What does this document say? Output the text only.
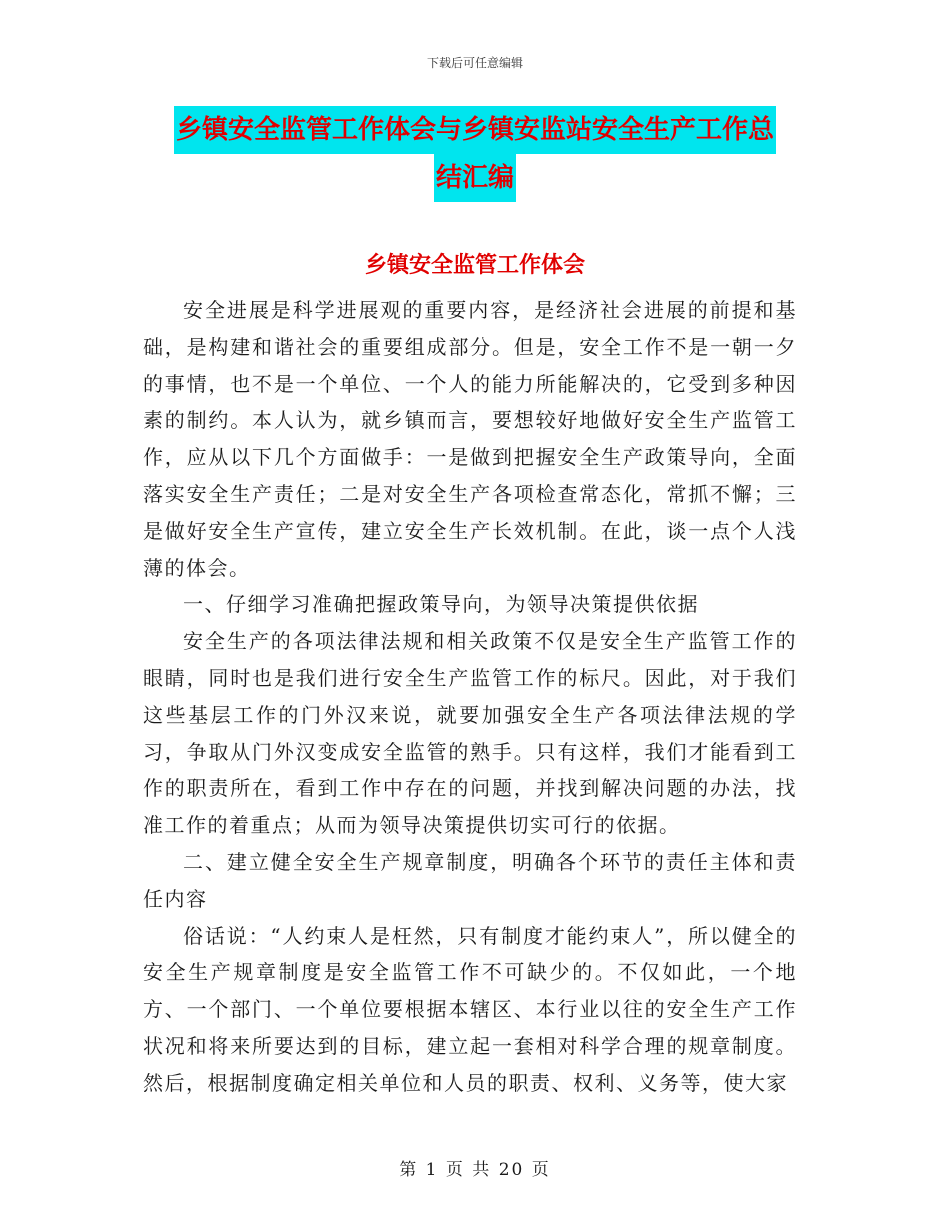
下载后可任意编辑
乡镇安全监管工作体会与乡镇安监站安全生产工作总
结汇编
乡镇安全监管工作体会

安全进展是科学进展观的重要内容，是经济社会进展的前提和基础，是构建和谐社会的重要组成部分。但是，安全工作不是一朝一夕的事情，也不是一个单位、一个人的能力所能解决的，它受到多种因素的制约。本人认为，就乡镇而言，要想较好地做好安全生产监管工作，应从以下几个方面做手：一是做到把握安全生产政策导向，全面落实安全生产责任；二是对安全生产各项检查常态化，常抓不懈；三是做好安全生产宣传，建立安全生产长效机制。在此，谈一点个人浅薄的体会。

一、仔细学习准确把握政策导向，为领导决策提供依据

安全生产的各项法律法规和相关政策不仅是安全生产监管工作的眼睛，同时也是我们进行安全生产监管工作的标尺。因此，对于我们这些基层工作的门外汉来说，就要加强安全生产各项法律法规的学习，争取从门外汉变成安全监管的熟手。只有这样，我们才能看到工作的职责所在，看到工作中存在的问题，并找到解决问题的办法，找准工作的着重点；从而为领导决策提供切实可行的依据。

二、建立健全安全生产规章制度，明确各个环节的责任主体和责任内容

俗话说：“人约束人是枉然，只有制度才能约束人”，所以健全的安全生产规章制度是安全监管工作不可缺少的。不仅如此，一个地方、一个部门、一个单位要根据本辖区、本行业以往的安全生产工作状况和将来所要达到的目标，建立起一套相对科学合理的规章制度。然后，根据制度确定相关单位和人员的职责、权利、义务等，使大家

第 1 页 共 20 页
